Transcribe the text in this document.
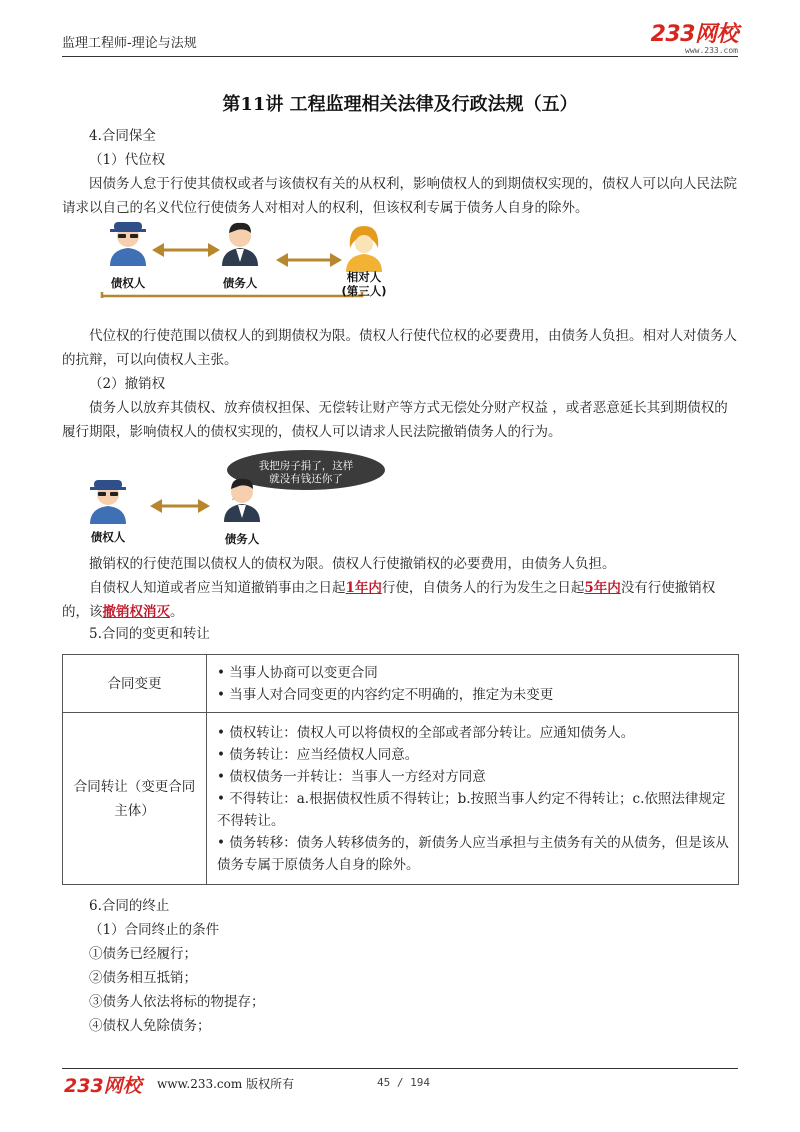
监理工程师-理论与法规	233网校
www.233.com
第11讲 工程监理相关法律及行政法规（五）
4.合同保全
（1）代位权
因债务人怠于行使其债权或者与该债权有关的从权利，影响债权人的到期债权实现的，债权人可以向人民法院请求以自己的名义代位行使债务人对相对人的权利，但该权利专属于债务人自身的除外。
债权人	债务人	相对人
(第三人)
代位权的行使范围以债权人的到期债权为限。债权人行使代位权的必要费用，由债务人负担。相对人对债务人的抗辩，可以向债权人主张。
（2）撤销权
债务人以放弃其债权、放弃债权担保、无偿转让财产等方式无偿处分财产权益 ，或者恶意延长其到期债权的履行期限，影响债权人的债权实现的，债权人可以请求人民法院撤销债务人的行为。
我把房子捐了，这样
就没有钱还你了
债权人	债务人
撤销权的行使范围以债权人的债权为限。债权人行使撤销权的必要费用，由债务人负担。
自债权人知道或者应当知道撤销事由之日起1年内行使，自债务人的行为发生之日起5年内没有行使撤销权的，该撤销权消灭。
5.合同的变更和转让
合同变更	• 当事人协商可以变更合同
• 当事人对合同变更的内容约定不明确的，推定为未变更

合同转让（变更合同主体）	• 债权转让：债权人可以将债权的全部或者部分转让。应通知债务人。
• 债务转让：应当经债权人同意。
• 债权债务一并转让：当事人一方经对方同意
• 不得转让：a.根据债权性质不得转让；b.按照当事人约定不得转让；c.依照法律规定不得转让。
• 债务转移：债务人转移债务的，新债务人应当承担与主债务有关的从债务，但是该从债务专属于原债务人自身的除外。
6.合同的终止
（1）合同终止的条件
①债务已经履行；
②债务相互抵销；
③债务人依法将标的物提存；
④债权人免除债务；
233网校 www.233.com 版权所有	45 / 194
